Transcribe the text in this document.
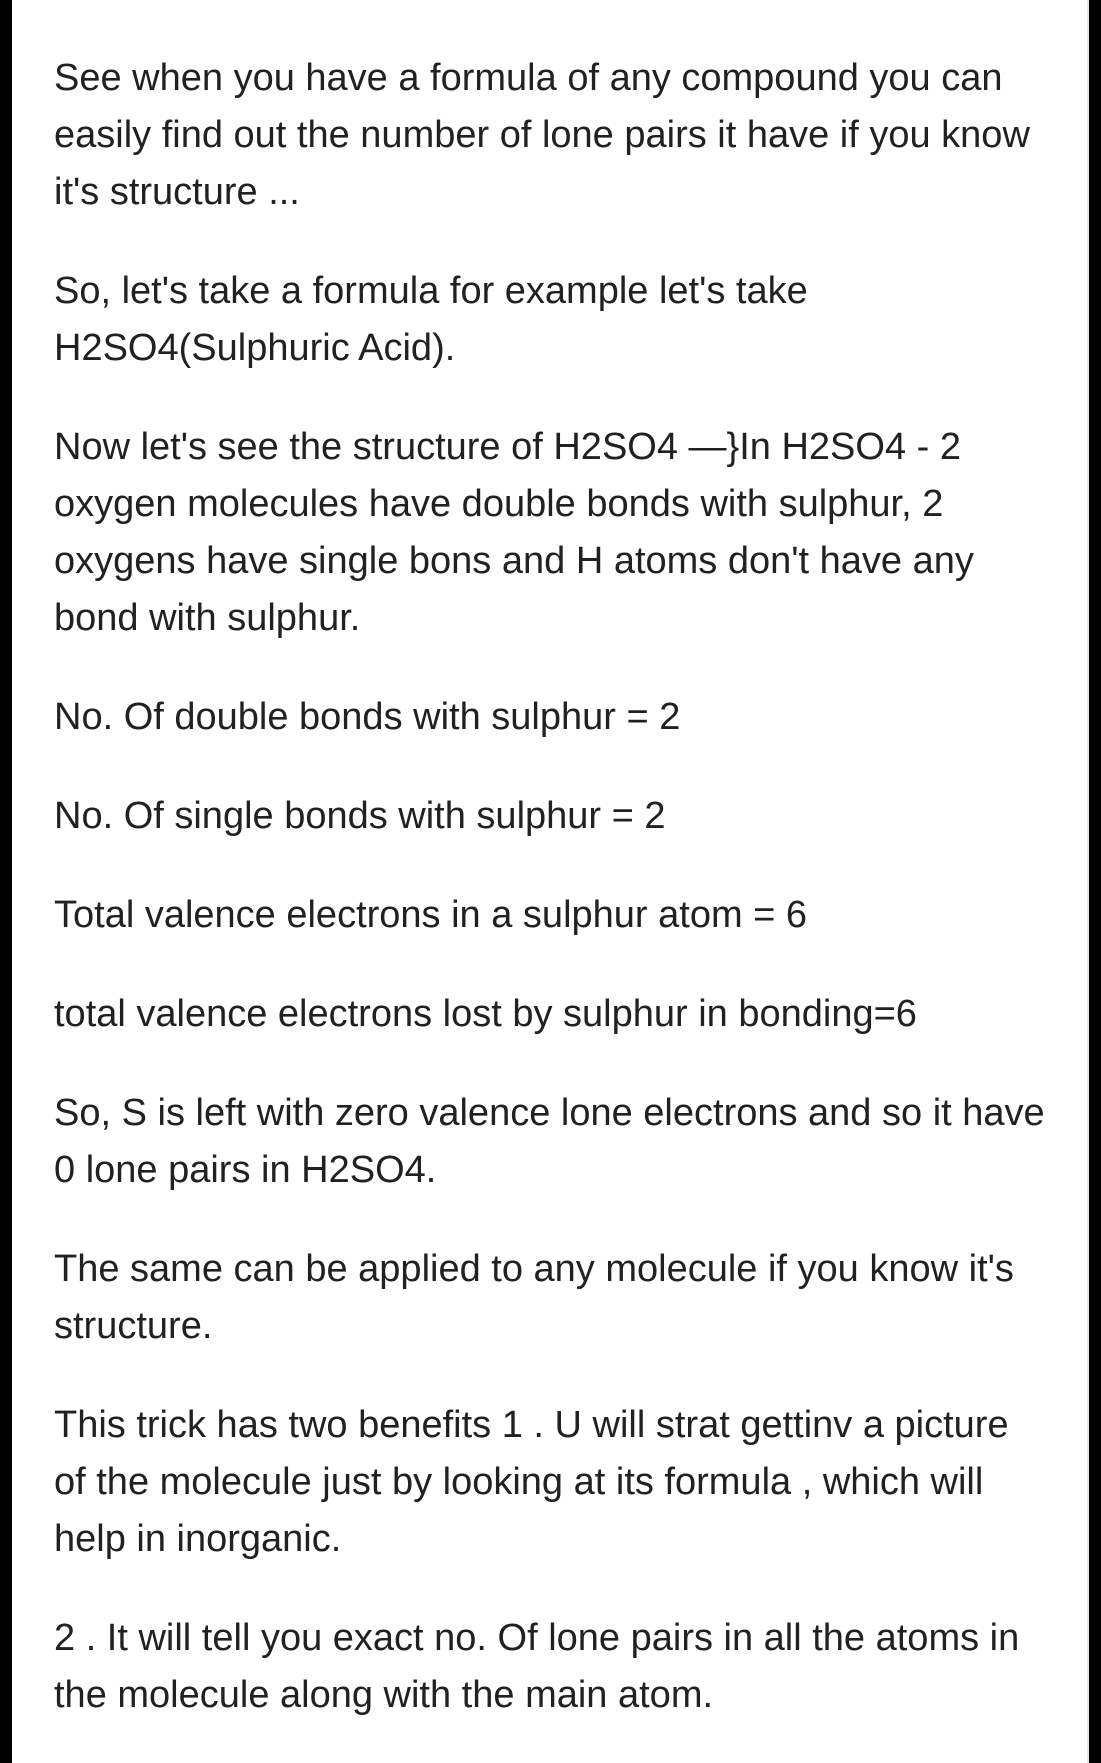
See when you have a formula of any compound you can easily find out the number of lone pairs it have if you know it's structure ...

So, let's take a formula for example let's take H2SO4(Sulphuric Acid).

Now let's see the structure of H2SO4 —}In H2SO4 - 2 oxygen molecules have double bonds with sulphur, 2 oxygens have single bons and H atoms don't have any bond with sulphur.

No. Of double bonds with sulphur = 2

No. Of single bonds with sulphur = 2

Total valence electrons in a sulphur atom = 6

total valence electrons lost by sulphur in bonding=6

So, S is left with zero valence lone electrons and so it have 0 lone pairs in H2SO4.

The same can be applied to any molecule if you know it's structure.

This trick has two benefits 1 . U will strat gettinv a picture of the molecule just by looking at its formula , which will help in inorganic.

2 . It will tell you exact no. Of lone pairs in all the atoms in the molecule along with the main atom.
